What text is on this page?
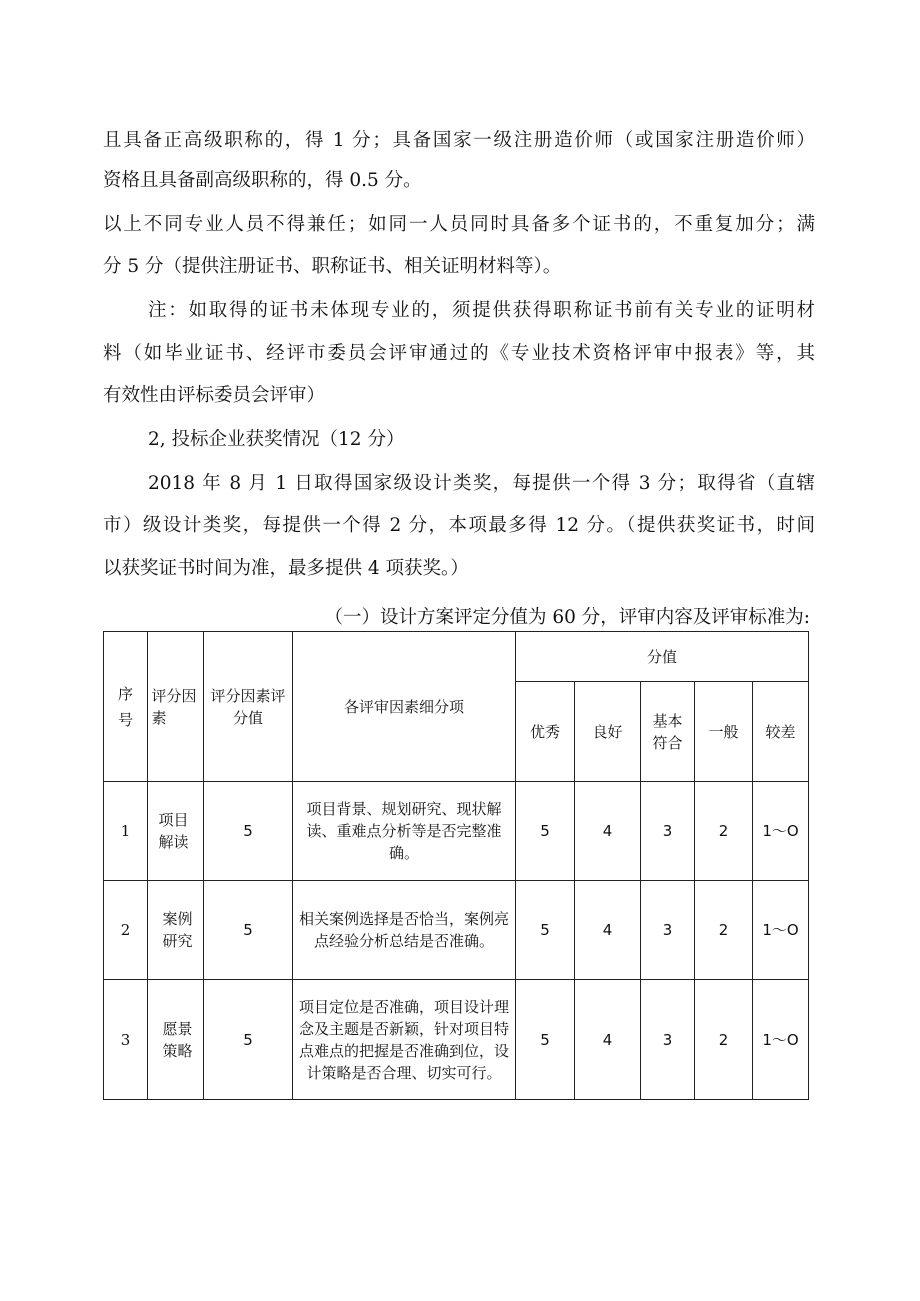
且具备正高级职称的，得 1 分；具备国家一级注册造价师（或国家注册造价师）
资格且具备副高级职称的，得 0.5 分。
以上不同专业人员不得兼任；如同一人员同时具备多个证书的，不重复加分；满
分 5 分（提供注册证书、职称证书、相关证明材料等）。
注：如取得的证书未体现专业的，须提供获得职称证书前有关专业的证明材
料（如毕业证书、经评市委员会评审通过的《专业技术资格评审中报表》等，其
有效性由评标委员会评审）
2, 投标企业获奖情况（12 分）
2018 年 8 月 1 日取得国家级设计类奖，每提供一个得 3 分；取得省（直辖
市）级设计类奖，每提供一个得 2 分，本项最多得 12 分。（提供获奖证书，时间
以获奖证书时间为准，最多提供 4 项获奖。）
（一）设计方案评定分值为 60 分，评审内容及评审标准为:
序号	评分因素	评分因素评分值	各评审因素细分项	分值				
				优秀	良好	基本符合	一般	较差
1	项目解读	5	项目背景、规划研究、现状解读、重难点分析等是否完整准确。	5	4	3	2	1～O
2	案例研究	5	相关案例选择是否恰当，案例亮点经验分析总结是否准确。	5	4	3	2	1～O
3	愿景策略	5	项目定位是否准确，项目设计理念及主题是否新颖，针对项目特点难点的把握是否准确到位，设计策略是否合理、切实可行。	5	4	3	2	1～O
